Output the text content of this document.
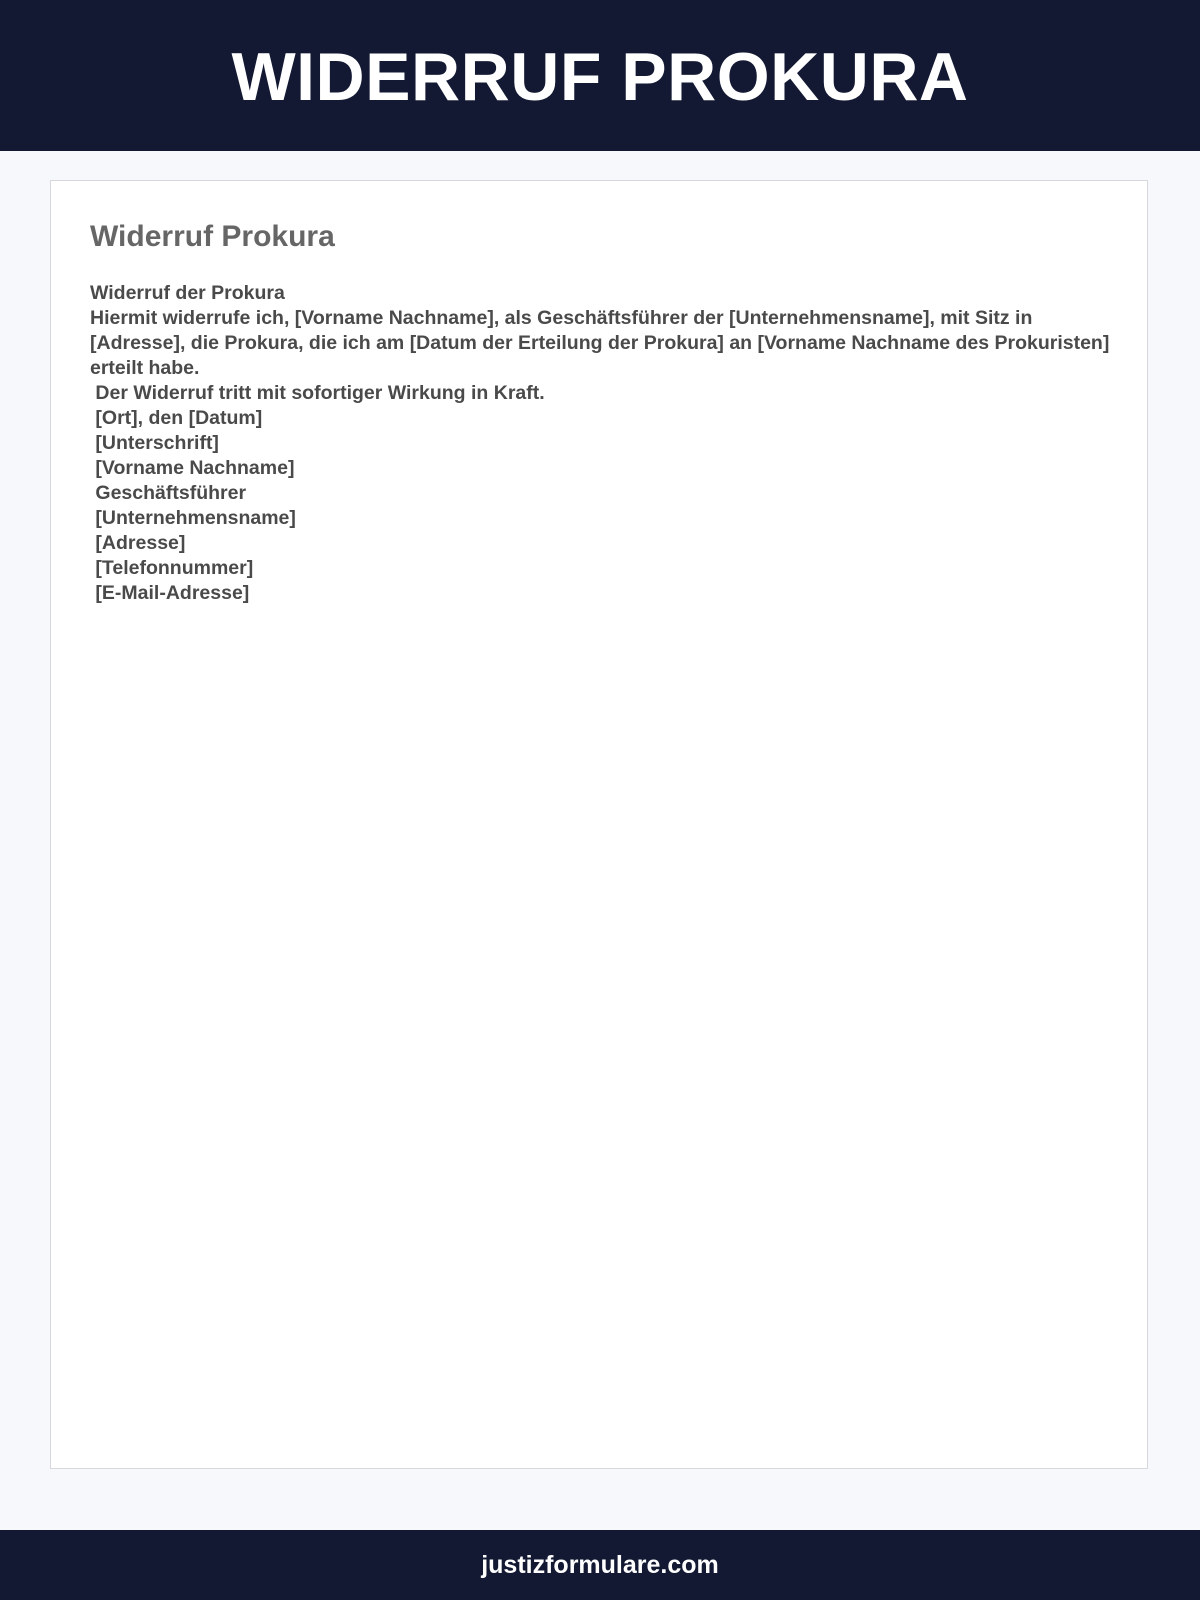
WIDERRUF PROKURA
Widerruf Prokura
Widerruf der Prokura
Hiermit widerrufe ich, [Vorname Nachname], als Geschäftsführer der [Unternehmensname], mit Sitz in [Adresse], die Prokura, die ich am [Datum der Erteilung der Prokura] an [Vorname Nachname des Prokuristen] erteilt habe.
Der Widerruf tritt mit sofortiger Wirkung in Kraft.
[Ort], den [Datum]
[Unterschrift]
[Vorname Nachname]
Geschäftsführer
[Unternehmensname]
[Adresse]
[Telefonnummer]
[E-Mail-Adresse]
justizformulare.com
